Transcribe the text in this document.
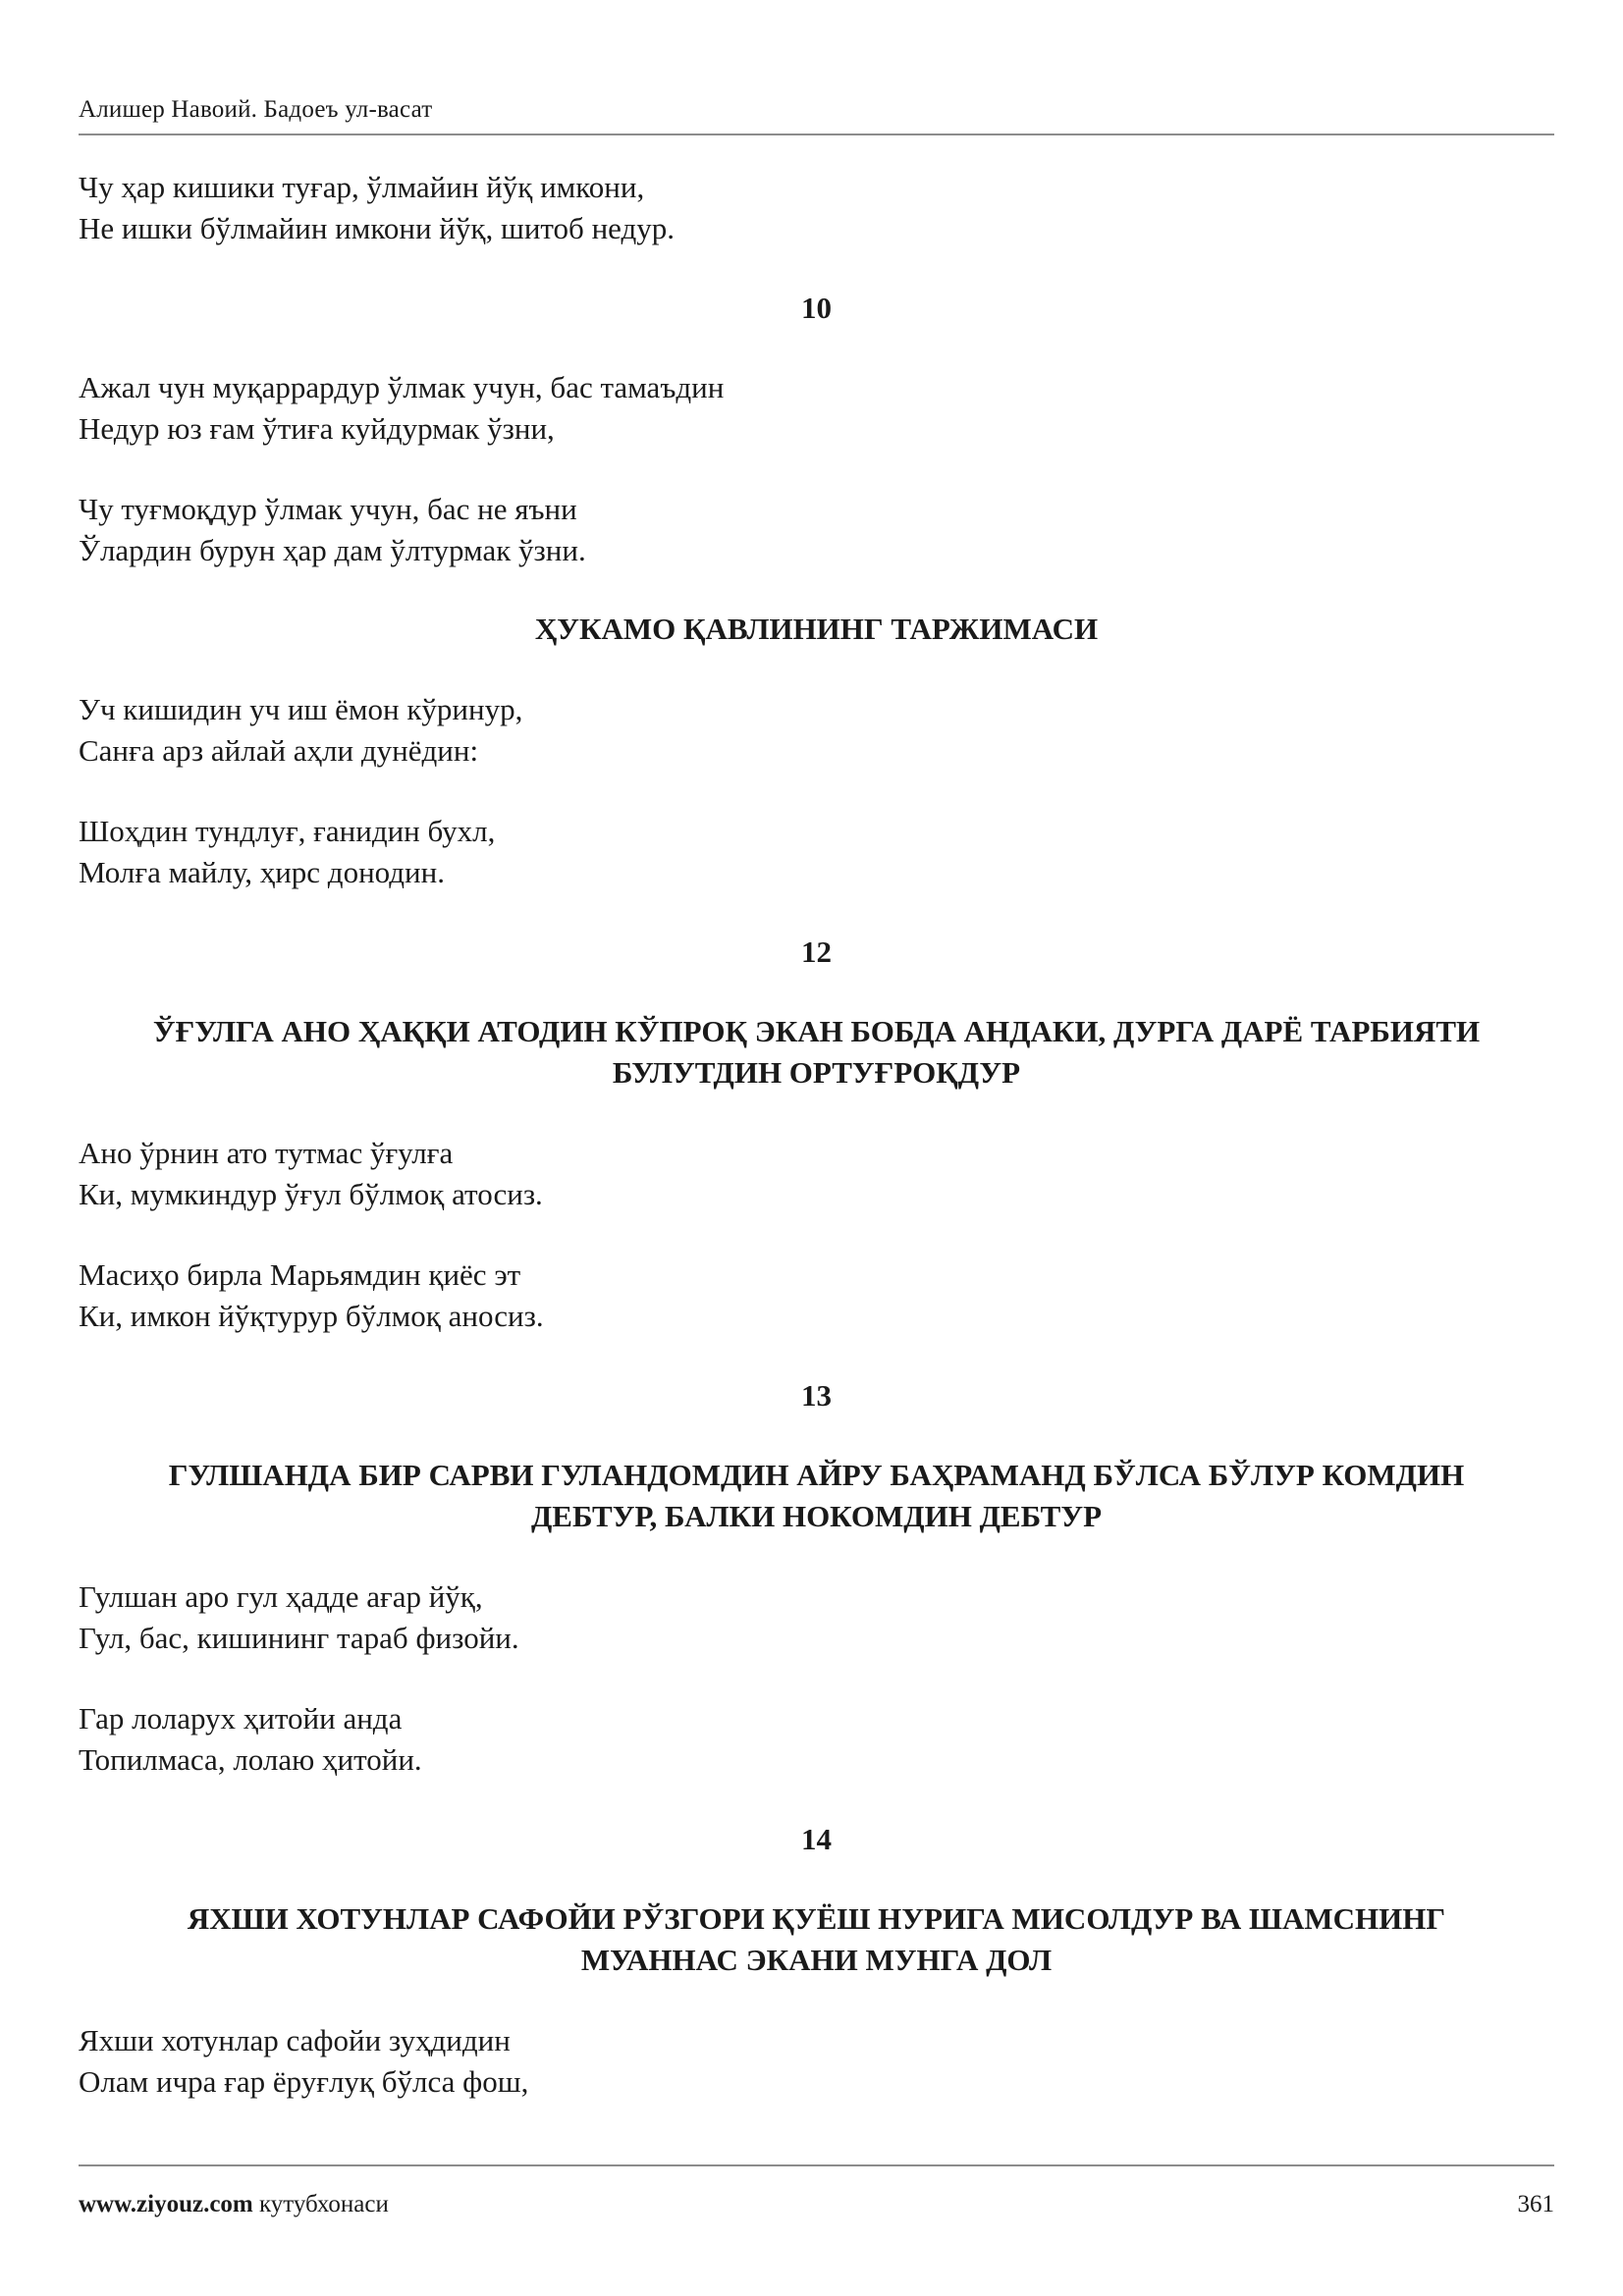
Алишер Навоий. Бадоеъ ул-васат
Чу ҳар кишики туғар, ўлмайин йўқ имкони,
Не ишки бўлмайин имкони йўқ, шитоб недур.
10
Ажал чун муқаррардур ўлмак учун, бас тамаъдин
Недур юз ғам ўтиға куйдурмак ўзни,
Чу туғмоқдур ўлмак учун, бас не яъни
Ўлардин бурун ҳар дам ўлтурмак ўзни.
ҲУКАМО ҚАВЛИНИНГ ТАРЖИМАСИ
Уч кишидин уч иш ёмон кўринур,
Санға арз айлай аҳли дунёдин:
Шоҳдин тундлуғ, ғанидин бухл,
Молға майлу, ҳирс донодин.
12
ЎҒУЛГА АНО ҲАҚҚИ АТОДИН КЎПРОҚ ЭКАН БОБДА АНДАКИ, ДУРГА ДАРЁ ТАРБИЯТИ БУЛУТДИН ОРТУҒРОҚДУР
Ано ўрнин ато тутмас ўғулға
Ки, мумкиндур ўғул бўлмоқ атосиз.
Масиҳо бирла Марьямдин қиёс эт
Ки, имкон йўқтурур бўлмоқ аносиз.
13
ГУЛШАНДА БИР САРВИ ГУЛАНДОМДИН АЙРУ БАҲРАМАНД БЎЛСА БЎЛУР КОМДИН ДЕБТУР, БАЛКИ НОКОМДИН ДЕБТУР
Гулшан аро гул ҳадде ағар йўқ,
Гул, бас, кишининг тараб физойи.
Гар лоларух ҳитойи анда
Топилмаса, лолаю ҳитойи.
14
ЯХШИ ХОТУНЛАР САФОЙИ РЎЗГОРИ ҚУЁШ НУРИГА МИСОЛДУР ВА ШАМСНИНГ МУАННАС ЭКАНИ МУНГА ДОЛ
Яхши хотунлар сафойи зуҳдидин
Олам ичра ғар ёруғлуқ бўлса фош,
www.ziyouz.com кутубхонаси	361
